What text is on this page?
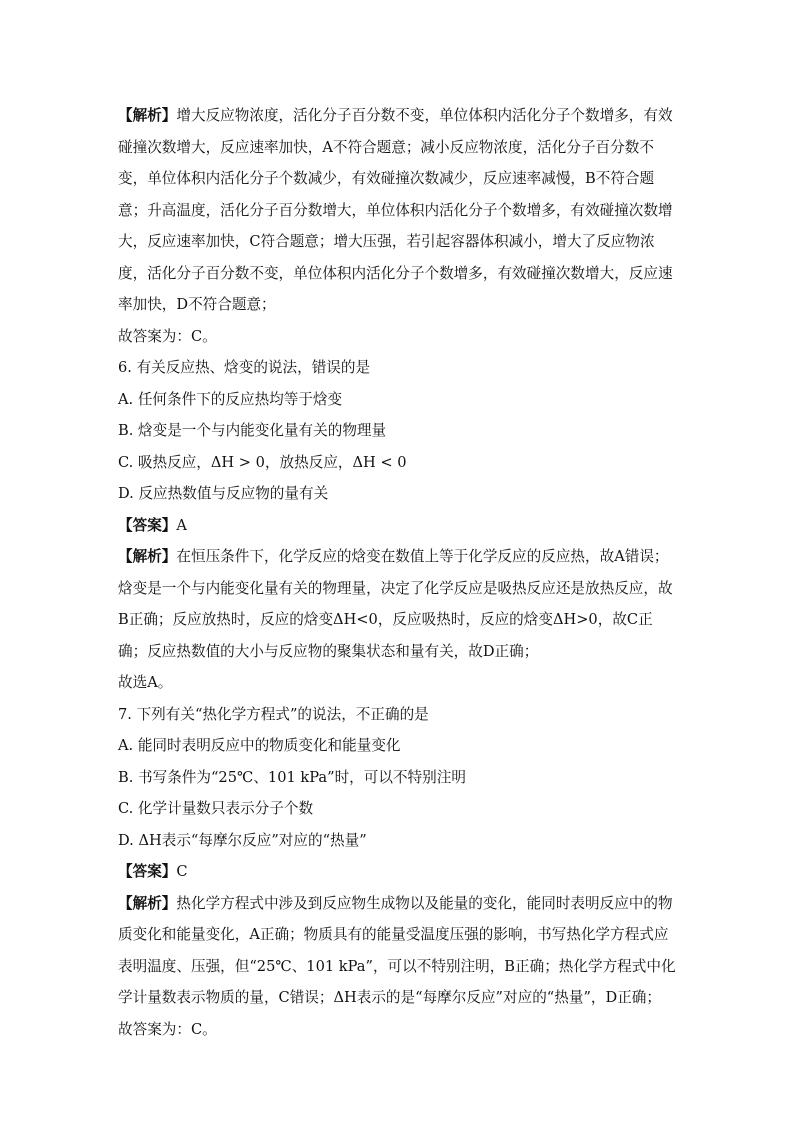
【解析】增大反应物浓度，活化分子百分数不变，单位体积内活化分子个数增多，有效碰撞次数增大，反应速率加快，A不符合题意；减小反应物浓度，活化分子百分数不变，单位体积内活化分子个数减少，有效碰撞次数减少，反应速率减慢，B不符合题意；升高温度，活化分子百分数增大，单位体积内活化分子个数增多，有效碰撞次数增大，反应速率加快，C符合题意；增大压强，若引起容器体积减小，增大了反应物浓度，活化分子百分数不变，单位体积内活化分子个数增多，有效碰撞次数增大，反应速率加快，D不符合题意；

故答案为：C。

6. 有关反应热、焓变的说法，错误的是

A. 任何条件下的反应热均等于焓变

B. 焓变是一个与内能变化量有关的物理量

C. 吸热反应，ΔH > 0，放热反应，ΔH < 0

D. 反应热数值与反应物的量有关

【答案】A

【解析】在恒压条件下，化学反应的焓变在数值上等于化学反应的反应热，故A错误；焓变是一个与内能变化量有关的物理量，决定了化学反应是吸热反应还是放热反应，故B正确；反应放热时，反应的焓变ΔH<0，反应吸热时，反应的焓变ΔH>0，故C正确；反应热数值的大小与反应物的聚集状态和量有关，故D正确；

故选A。

7. 下列有关“热化学方程式”的说法，不正确的是

A. 能同时表明反应中的物质变化和能量变化

B. 书写条件为“25℃、101 kPa”时，可以不特别注明

C. 化学计量数只表示分子个数

D. ΔH表示“每摩尔反应”对应的“热量”

【答案】C

【解析】热化学方程式中涉及到反应物生成物以及能量的变化，能同时表明反应中的物质变化和能量变化，A正确；物质具有的能量受温度压强的影响，书写热化学方程式应表明温度、压强，但“25℃、101 kPa”，可以不特别注明，B正确；热化学方程式中化学计量数表示物质的量，C错误；ΔH表示的是“每摩尔反应”对应的“热量”，D正确；

故答案为：C。
